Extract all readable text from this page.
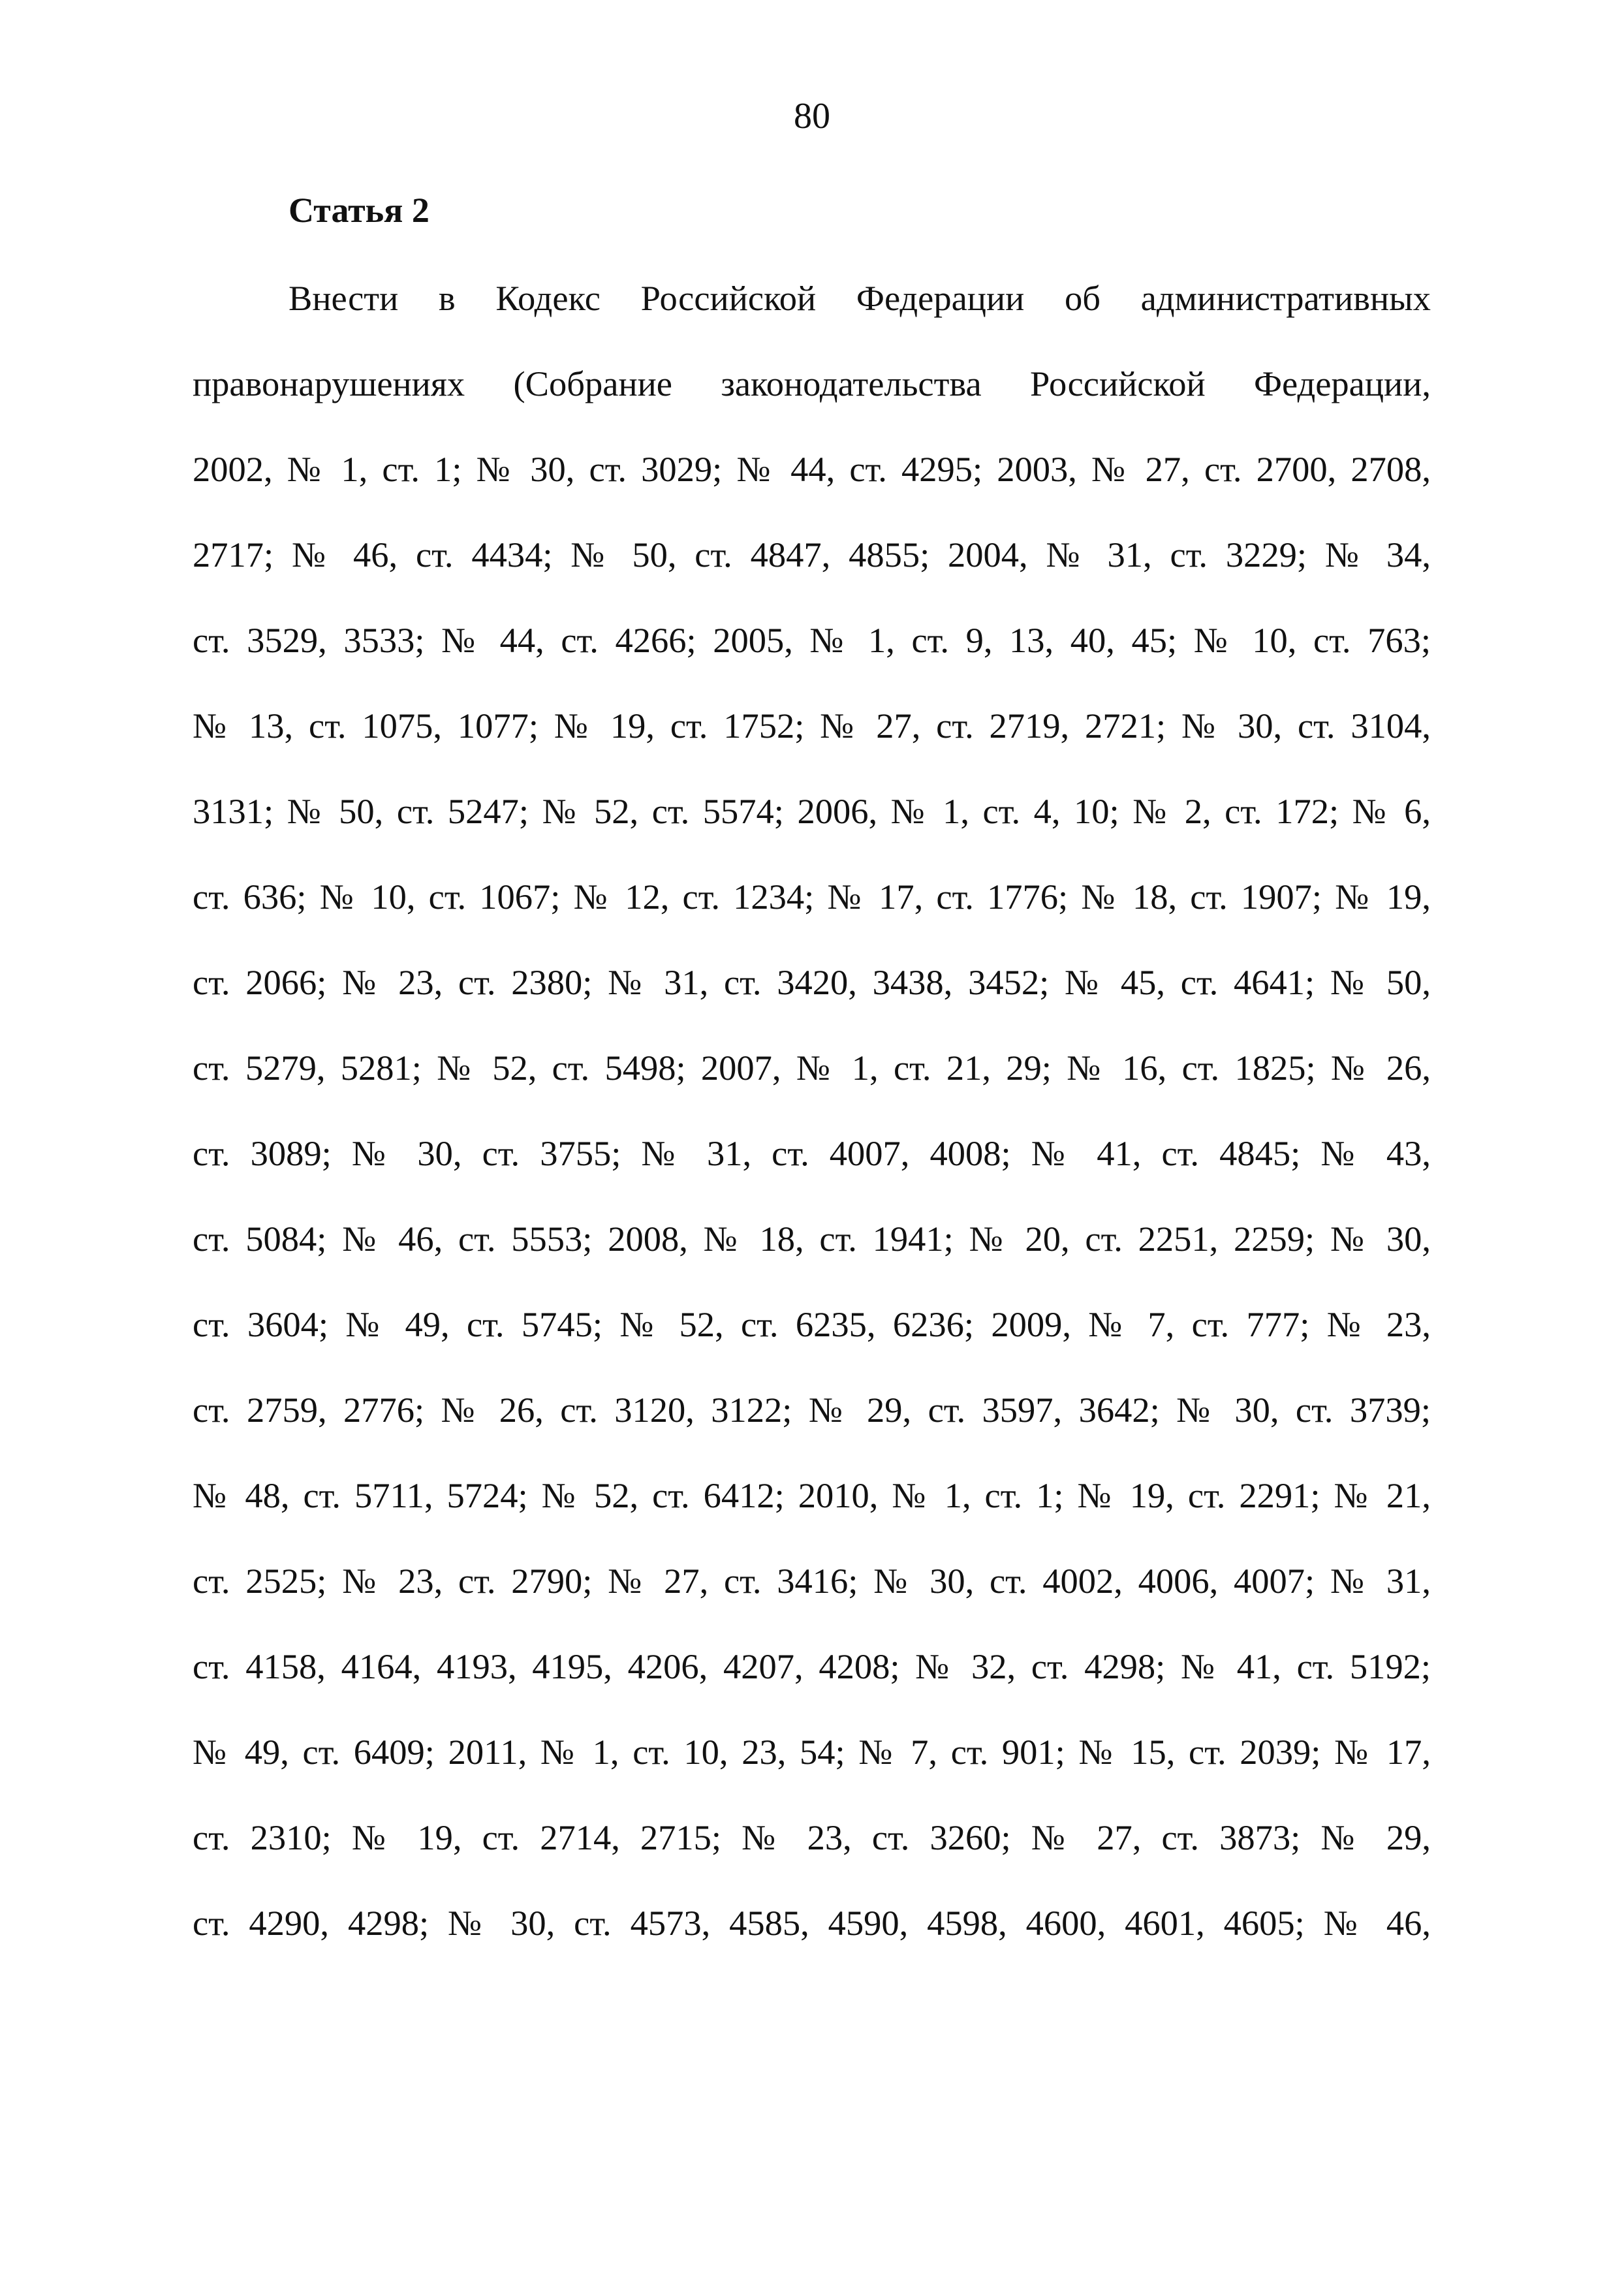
80
Статья 2
Внести в Кодекс Российской Федерации об административных
правонарушениях (Собрание законодательства Российской Федерации,
2002, № 1, ст. 1; № 30, ст. 3029; № 44, ст. 4295; 2003, № 27, ст. 2700, 2708,
2717; № 46, ст. 4434; № 50, ст. 4847, 4855; 2004, № 31, ст. 3229; № 34,
ст. 3529, 3533; № 44, ст. 4266; 2005, № 1, ст. 9, 13, 40, 45; № 10, ст. 763;
№ 13, ст. 1075, 1077; № 19, ст. 1752; № 27, ст. 2719, 2721; № 30, ст. 3104,
3131; № 50, ст. 5247; № 52, ст. 5574; 2006, № 1, ст. 4, 10; № 2, ст. 172; № 6,
ст. 636; № 10, ст. 1067; № 12, ст. 1234; № 17, ст. 1776; № 18, ст. 1907; № 19,
ст. 2066; № 23, ст. 2380; № 31, ст. 3420, 3438, 3452; № 45, ст. 4641; № 50,
ст. 5279, 5281; № 52, ст. 5498; 2007, № 1, ст. 21, 29; № 16, ст. 1825; № 26,
ст. 3089; № 30, ст. 3755; № 31, ст. 4007, 4008; № 41, ст. 4845; № 43,
ст. 5084; № 46, ст. 5553; 2008, № 18, ст. 1941; № 20, ст. 2251, 2259; № 30,
ст. 3604; № 49, ст. 5745; № 52, ст. 6235, 6236; 2009, № 7, ст. 777; № 23,
ст. 2759, 2776; № 26, ст. 3120, 3122; № 29, ст. 3597, 3642; № 30, ст. 3739;
№ 48, ст. 5711, 5724; № 52, ст. 6412; 2010, № 1, ст. 1; № 19, ст. 2291; № 21,
ст. 2525; № 23, ст. 2790; № 27, ст. 3416; № 30, ст. 4002, 4006, 4007; № 31,
ст. 4158, 4164, 4193, 4195, 4206, 4207, 4208; № 32, ст. 4298; № 41, ст. 5192;
№ 49, ст. 6409; 2011, № 1, ст. 10, 23, 54; № 7, ст. 901; № 15, ст. 2039; № 17,
ст. 2310; № 19, ст. 2714, 2715; № 23, ст. 3260; № 27, ст. 3873; № 29,
ст. 4290, 4298; № 30, ст. 4573, 4585, 4590, 4598, 4600, 4601, 4605; № 46,
